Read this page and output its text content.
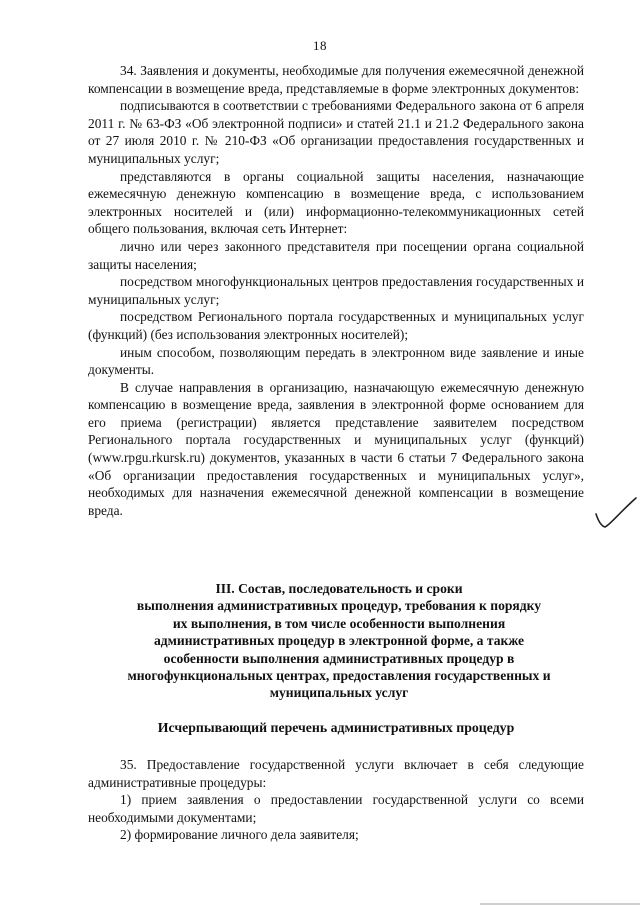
18

34. Заявления и документы, необходимые для получения ежемесячной денежной компенсации в возмещение вреда, представляемые в форме электронных документов:

подписываются в соответствии с требованиями Федерального закона от 6 апреля 2011 г. № 63-ФЗ «Об электронной подписи» и статей 21.1 и 21.2 Федерального закона от 27 июля 2010 г. № 210-ФЗ «Об организации предоставления государственных и муниципальных услуг;

представляются в органы социальной защиты населения, назначающие ежемесячную денежную компенсацию в возмещение вреда, с использованием электронных носителей и (или) информационно-телекоммуникационных сетей общего пользования, включая сеть Интернет:

лично или через законного представителя при посещении органа социальной защиты населения;

посредством многофункциональных центров предоставления государственных и муниципальных услуг;

посредством Регионального портала государственных и муниципальных услуг (функций) (без использования электронных носителей);

иным способом, позволяющим передать в электронном виде заявление и иные документы.

В случае направления в организацию, назначающую ежемесячную денежную компенсацию в возмещение вреда, заявления в электронной форме основанием для его приема (регистрации) является представление заявителем посредством Регионального портала государственных и муниципальных услуг (функций) (www.rpgu.rkursk.ru) документов, указанных в части 6 статьи 7 Федерального закона «Об организации предоставления государственных и муниципальных услуг», необходимых для назначения ежемесячной денежной компенсации в возмещение вреда.

III. Состав, последовательность и сроки

выполнения административных процедур, требования к порядку

их выполнения, в том числе особенности выполнения

административных процедур в электронной форме, а также

особенности выполнения административных процедур в

многофункциональных центрах, предоставления государственных и

муниципальных услуг

Исчерпывающий перечень административных процедур

35. Предоставление государственной услуги включает в себя следующие административные процедуры:

1) прием заявления о предоставлении государственной услуги со всеми необходимыми документами;

2) формирование личного дела заявителя;
